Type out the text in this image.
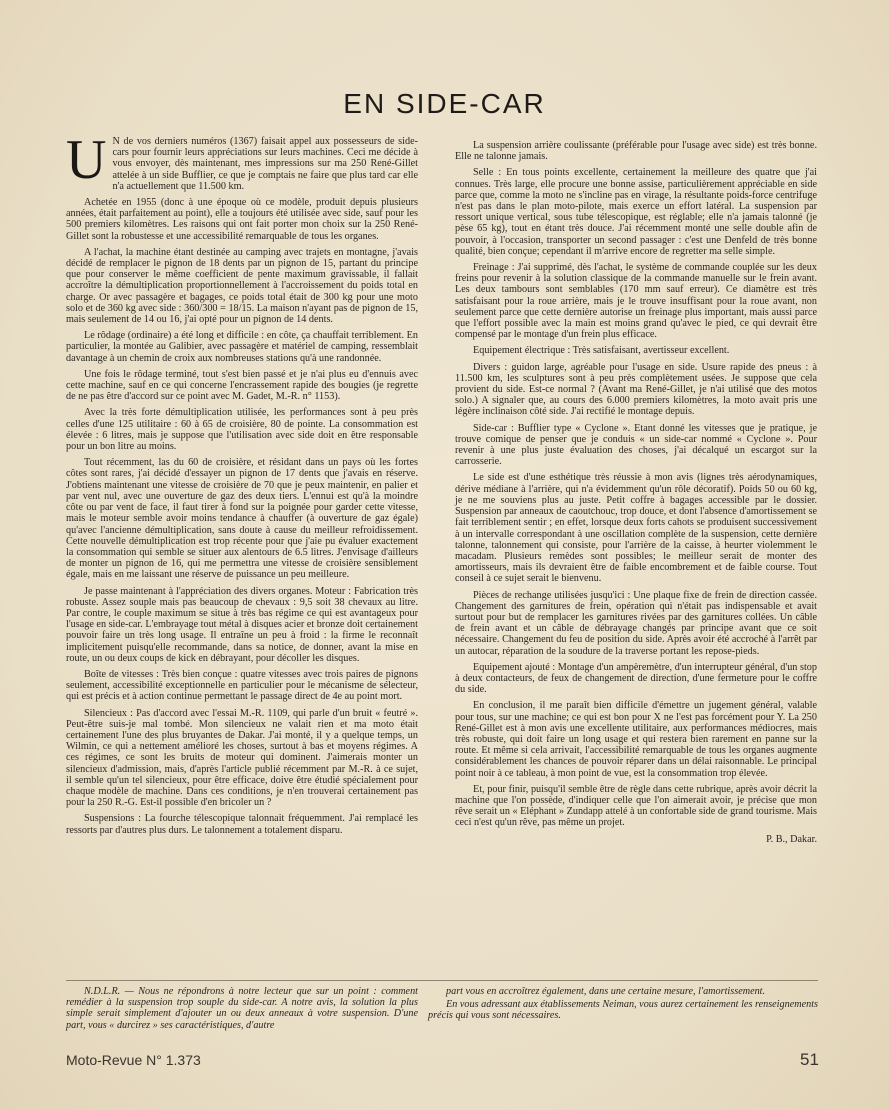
EN SIDE-CAR

U N de vos derniers numéros (1367) faisait appel aux possesseurs de side-cars pour fournir leurs appréciations sur leurs machines. Ceci me décide à vous envoyer, dès maintenant, mes impressions sur ma 250 René-Gillet attelée à un side Bufflier, ce que je comptais ne faire que plus tard car elle n'a actuellement que 11.500 km.

Achetée en 1955 (donc à une époque où ce modèle, produit depuis plusieurs années, était parfaitement au point), elle a toujours été utilisée avec side, sauf pour les 500 premiers kilomètres. Les raisons qui ont fait porter mon choix sur la 250 René-Gillet sont la robustesse et une accessibilité remarquable de tous les organes.

A l'achat, la machine étant destinée au camping avec trajets en montagne, j'avais décidé de remplacer le pignon de 18 dents par un pignon de 15, partant du principe que pour conserver le même coefficient de pente maximum gravissable, il fallait accroître la démultiplication proportionnellement à l'accroissement du poids total en charge. Or avec passagère et bagages, ce poids total était de 300 kg pour une moto solo et de 360 kg avec side : 360/300 = 18/15. La maison n'ayant pas de pignon de 15, mais seulement de 14 ou 16, j'ai opté pour un pignon de 14 dents.

Le rôdage (ordinaire) a été long et difficile : en côte, ça chauffait terriblement. En particulier, la montée au Galibier, avec passagère et matériel de camping, ressemblait davantage à un chemin de croix aux nombreuses stations qu'à une randonnée.

Une fois le rôdage terminé, tout s'est bien passé et je n'ai plus eu d'ennuis avec cette machine, sauf en ce qui concerne l'encrassement rapide des bougies (je regrette de ne pas être d'accord sur ce point avec M. Gadet, M.-R. n° 1153).

Avec la très forte démultiplication utilisée, les performances sont à peu près celles d'une 125 utilitaire : 60 à 65 de croisière, 80 de pointe. La consommation est élevée : 6 litres, mais je suppose que l'utilisation avec side doit en être responsable pour un bon litre au moins.

Tout récemment, las du 60 de croisière, et résidant dans un pays où les fortes côtes sont rares, j'ai décidé d'essayer un pignon de 17 dents que j'avais en réserve. J'obtiens maintenant une vitesse de croisière de 70 que je peux maintenir, en palier et par vent nul, avec une ouverture de gaz des deux tiers. L'ennui est qu'à la moindre côte ou par vent de face, il faut tirer à fond sur la poignée pour garder cette vitesse, mais le moteur semble avoir moins tendance à chauffer (à ouverture de gaz égale) qu'avec l'ancienne démultiplication, sans doute à cause du meilleur refroidissement. Cette nouvelle démultiplication est trop récente pour que j'aie pu évaluer exactement la consommation qui semble se situer aux alentours de 6.5 litres. J'envisage d'ailleurs de monter un pignon de 16, qui me permettra une vitesse de croisière sensiblement égale, mais en me laissant une réserve de puissance un peu meilleure.

Je passe maintenant à l'appréciation des divers organes. Moteur : Fabrication très robuste. Assez souple mais pas beaucoup de chevaux : 9,5 soit 38 chevaux au litre. Par contre, le couple maximum se situe à très bas régime ce qui est avantageux pour l'usage en side-car. L'embrayage tout métal à disques acier et bronze doit certainement pouvoir faire un très long usage. Il entraîne un peu à froid : la firme le reconnaît implicitement puisqu'elle recommande, dans sa notice, de donner, avant la mise en route, un ou deux coups de kick en débrayant, pour décoller les disques.

Boîte de vitesses : Très bien conçue : quatre vitesses avec trois paires de pignons seulement, accessibilité exceptionnelle en particulier pour le mécanisme de sélecteur, qui est précis et à action continue permettant le passage direct de 4e au point mort.

Silencieux : Pas d'accord avec l'essai M.-R. 1109, qui parle d'un bruit « feutré ». Peut-être suis-je mal tombé. Mon silencieux ne valait rien et ma moto était certainement l'une des plus bruyantes de Dakar. J'ai monté, il y a quelque temps, un Wilmin, ce qui a nettement amélioré les choses, surtout à bas et moyens régimes. A ces régimes, ce sont les bruits de moteur qui dominent. J'aimerais monter un silencieux d'admission, mais, d'après l'article publié récemment par M.-R. à ce sujet, il semble qu'un tel silencieux, pour être efficace, doive être étudié spécialement pour chaque modèle de machine. Dans ces conditions, je n'en trouverai certainement pas pour la 250 R.-G. Est-il possible d'en bricoler un ?

Suspensions : La fourche télescopique talonnait fréquemment. J'ai remplacé les ressorts par d'autres plus durs. Le talonnement a totalement disparu.

La suspension arrière coulissante (préférable pour l'usage avec side) est très bonne. Elle ne talonne jamais.

Selle : En tous points excellente, certainement la meilleure des quatre que j'ai connues. Très large, elle procure une bonne assise, particulièrement appréciable en side parce que, comme la moto ne s'incline pas en virage, la résultante poids-force centrifuge n'est pas dans le plan moto-pilote, mais exerce un effort latéral. La suspension par ressort unique vertical, sous tube télescopique, est réglable; elle n'a jamais talonné (je pèse 65 kg), tout en étant très douce. J'ai récemment monté une selle double afin de pouvoir, à l'occasion, transporter un second passager : c'est une Denfeld de très bonne qualité, bien conçue; cependant il m'arrive encore de regretter ma selle simple.

Freinage : J'ai supprimé, dès l'achat, le système de commande couplée sur les deux freins pour revenir à la solution classique de la commande manuelle sur le frein avant. Les deux tambours sont semblables (170 mm sauf erreur). Ce diamètre est très satisfaisant pour la roue arrière, mais je le trouve insuffisant pour la roue avant, non seulement parce que cette dernière autorise un freinage plus important, mais aussi parce que l'effort possible avec la main est moins grand qu'avec le pied, ce qui devrait être compensé par le montage d'un frein plus efficace.

Equipement électrique : Très satisfaisant, avertisseur excellent.

Divers : guidon large, agréable pour l'usage en side. Usure rapide des pneus : à 11.500 km, les sculptures sont à peu près complètement usées. Je suppose que cela provient du side. Est-ce normal ? (Avant ma René-Gillet, je n'ai utilisé que des motos solo.) A signaler que, au cours des 6.000 premiers kilomètres, la moto avait pris une légère inclinaison côté side. J'ai rectifié le montage depuis.

Side-car : Bufflier type « Cyclone ». Etant donné les vitesses que je pratique, je trouve comique de penser que je conduis « un side-car nommé « Cyclone ». Pour revenir à une plus juste évaluation des choses, j'ai décalqué un escargot sur la carrosserie.

Le side est d'une esthétique très réussie à mon avis (lignes très aérodynamiques, dérive médiane à l'arrière, qui n'a évidemment qu'un rôle décoratif). Poids 50 ou 60 kg, je ne me souviens plus au juste. Petit coffre à bagages accessible par le dossier. Suspension par anneaux de caoutchouc, trop douce, et dont l'absence d'amortissement se fait terriblement sentir ; en effet, lorsque deux forts cahots se produisent successivement à un intervalle correspondant à une oscillation complète de la suspension, cette dernière talonne, talonnement qui consiste, pour l'arrière de la caisse, à heurter violemment le macadam. Plusieurs remèdes sont possibles; le meilleur serait de monter des amortisseurs, mais ils devraient être de faible encombrement et de faible course. Tout conseil à ce sujet serait le bienvenu.

Pièces de rechange utilisées jusqu'ici : Une plaque fixe de frein de direction cassée. Changement des garnitures de frein, opération qui n'était pas indispensable et avait surtout pour but de remplacer les garnitures rivées par des garnitures collées. Un câble de frein avant et un câble de débrayage changés par principe avant que ce soit nécessaire. Changement du feu de position du side. Après avoir été accroché à l'arrêt par un autocar, réparation de la soudure de la traverse portant les repose-pieds.

Equipement ajouté : Montage d'un ampèremètre, d'un interrupteur général, d'un stop à deux contacteurs, de feux de changement de direction, d'une fermeture pour le coffre du side.

En conclusion, il me paraît bien difficile d'émettre un jugement général, valable pour tous, sur une machine; ce qui est bon pour X ne l'est pas forcément pour Y. La 250 René-Gillet est à mon avis une excellente utilitaire, aux performances médiocres, mais très robuste, qui doit faire un long usage et qui restera bien rarement en panne sur la route. Et même si cela arrivait, l'accessibilité remarquable de tous les organes augmente considérablement les chances de pouvoir réparer dans un délai raisonnable. Le principal point noir à ce tableau, à mon point de vue, est la consommation trop élevée.

Et, pour finir, puisqu'il semble être de règle dans cette rubrique, après avoir décrit la machine que l'on possède, d'indiquer celle que l'on aimerait avoir, je précise que mon rêve serait un « Eléphant » Zundapp attelé à un confortable side de grand tourisme. Mais ceci n'est qu'un rêve, pas même un projet.

P. B., Dakar.

N.D.L.R. — Nous ne répondrons à notre lecteur que sur un point : comment remédier à la suspension trop souple du side-car. A notre avis, la solution la plus simple serait simplement d'ajouter un ou deux anneaux à votre suspension. D'une part, vous « durcirez » ses caractéristiques, d'autre

part vous en accroîtrez également, dans une certaine mesure, l'amortissement.

En vous adressant aux établissements Neiman, vous aurez certainement les renseignements précis qui vous sont nécessaires.

Moto-Revue N° 1.373	51
